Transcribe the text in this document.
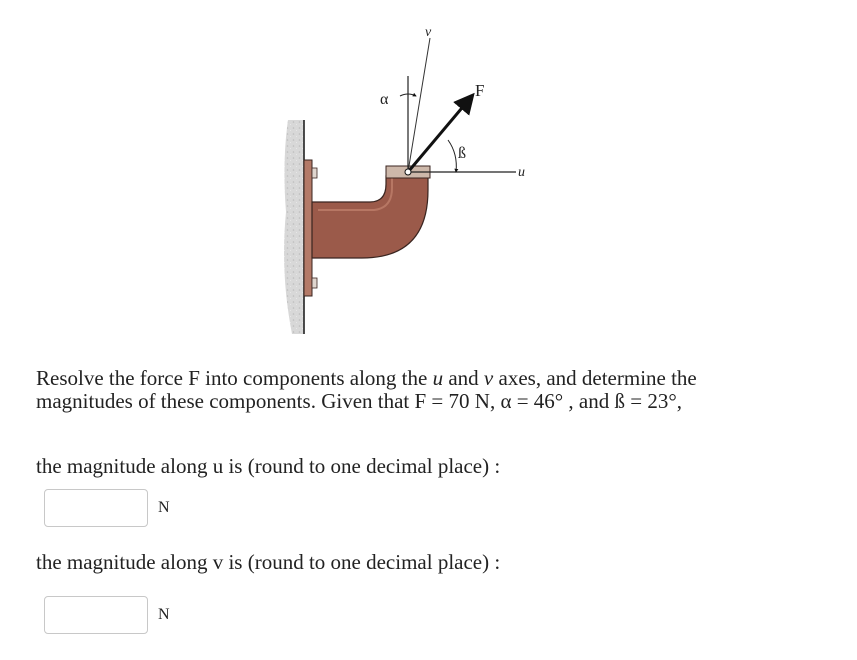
v
α	F
ß
u

Resolve the force F into components along the u and v axes, and determine the magnitudes of these components. Given that F = 70 N, α = 46° , and ß = 23°,

the magnitude along u is (round to one decimal place) :

N

the magnitude along v is (round to one decimal place) :

N
